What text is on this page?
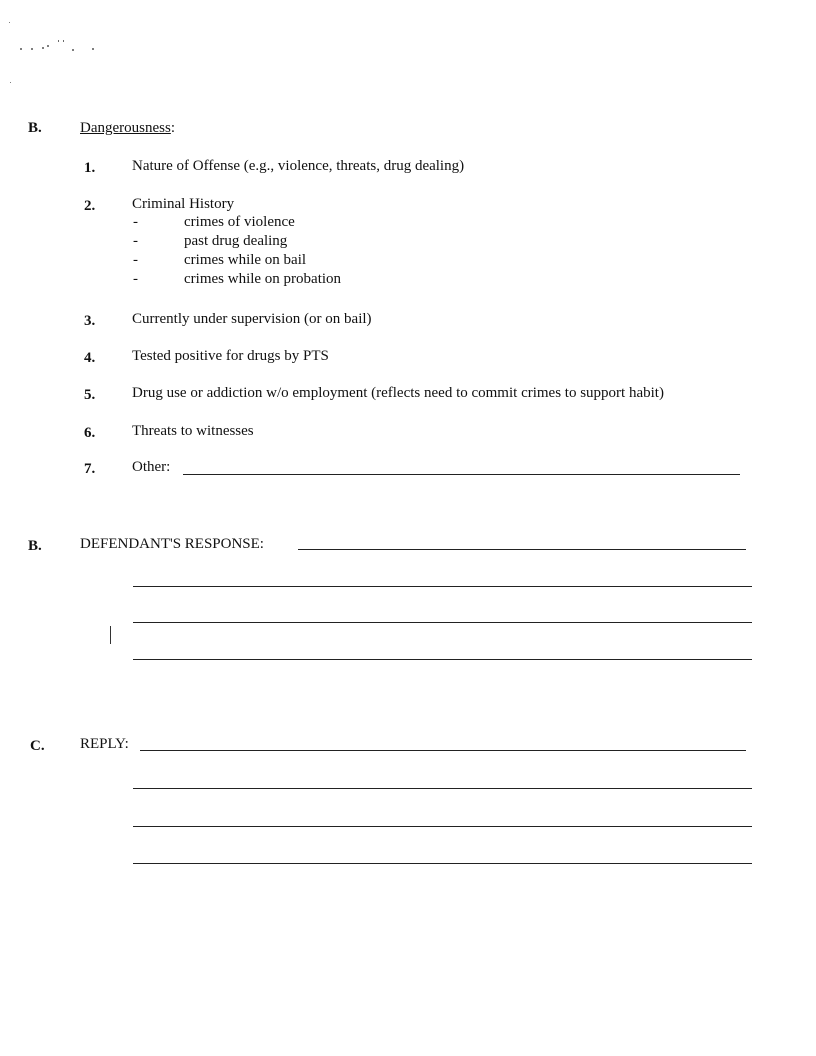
B.	Dangerousness:
1. Nature of Offense (e.g., violence, threats, drug dealing)
2. Criminal History
-	crimes of violence
-	past drug dealing
-	crimes while on bail
-	crimes while on probation
3. Currently under supervision (or on bail)
4. Tested positive for drugs by PTS
5. Drug use or addiction w/o employment (reflects need to commit crimes to support habit)
6. Threats to witnesses
7. Other:
B.	DEFENDANT'S RESPONSE:
C. REPLY:
